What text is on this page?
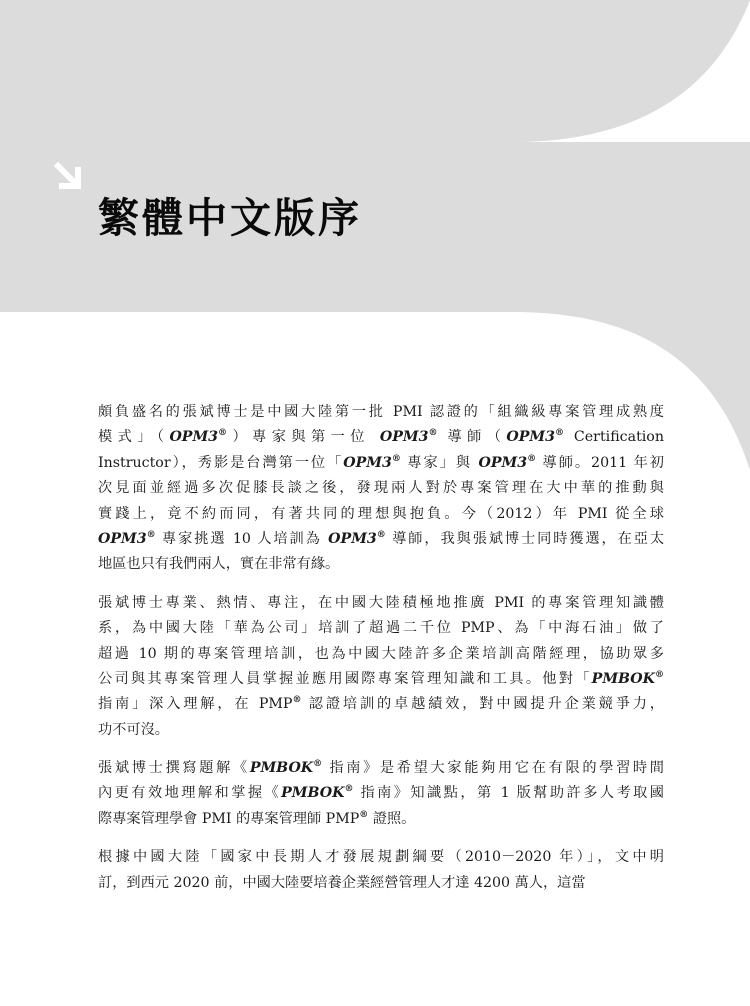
繁體中文版序

頗負盛名的張斌博士是中國大陸第一批 PMI 認證的「組織級專案管理成熟度
模式」（OPM3®）專家與第一位 OPM3® 導師（OPM3® Certification
Instructor），秀影是台灣第一位「OPM3® 專家」與 OPM3® 導師。2011 年初
次見面並經過多次促膝長談之後，發現兩人對於專案管理在大中華的推動與
實踐上，竟不約而同，有著共同的理想與抱負。今（2012）年 PMI 從全球
OPM3® 專家挑選 10 人培訓為 OPM3® 導師，我與張斌博士同時獲選，在亞太
地區也只有我們兩人，實在非常有緣。

張斌博士專業、熱情、專注，在中國大陸積極地推廣 PMI 的專案管理知識體
系，為中國大陸「華為公司」培訓了超過二千位 PMP、為「中海石油」做了
超過 10 期的專案管理培訓，也為中國大陸許多企業培訓高階經理，協助眾多
公司與其專案管理人員掌握並應用國際專案管理知識和工具。他對「PMBOK®
指南」深入理解，在 PMP® 認證培訓的卓越績效，對中國提升企業競爭力，
功不可沒。

張斌博士撰寫題解《PMBOK® 指南》是希望大家能夠用它在有限的學習時間
內更有效地理解和掌握《PMBOK® 指南》知識點，第 1 版幫助許多人考取國
際專案管理學會 PMI 的專案管理師 PMP® 證照。

根據中國大陸「國家中長期人才發展規劃綱要（2010－2020 年）」，文中明
訂，到西元 2020 前，中國大陸要培養企業經營管理人才達 4200 萬人，這當
